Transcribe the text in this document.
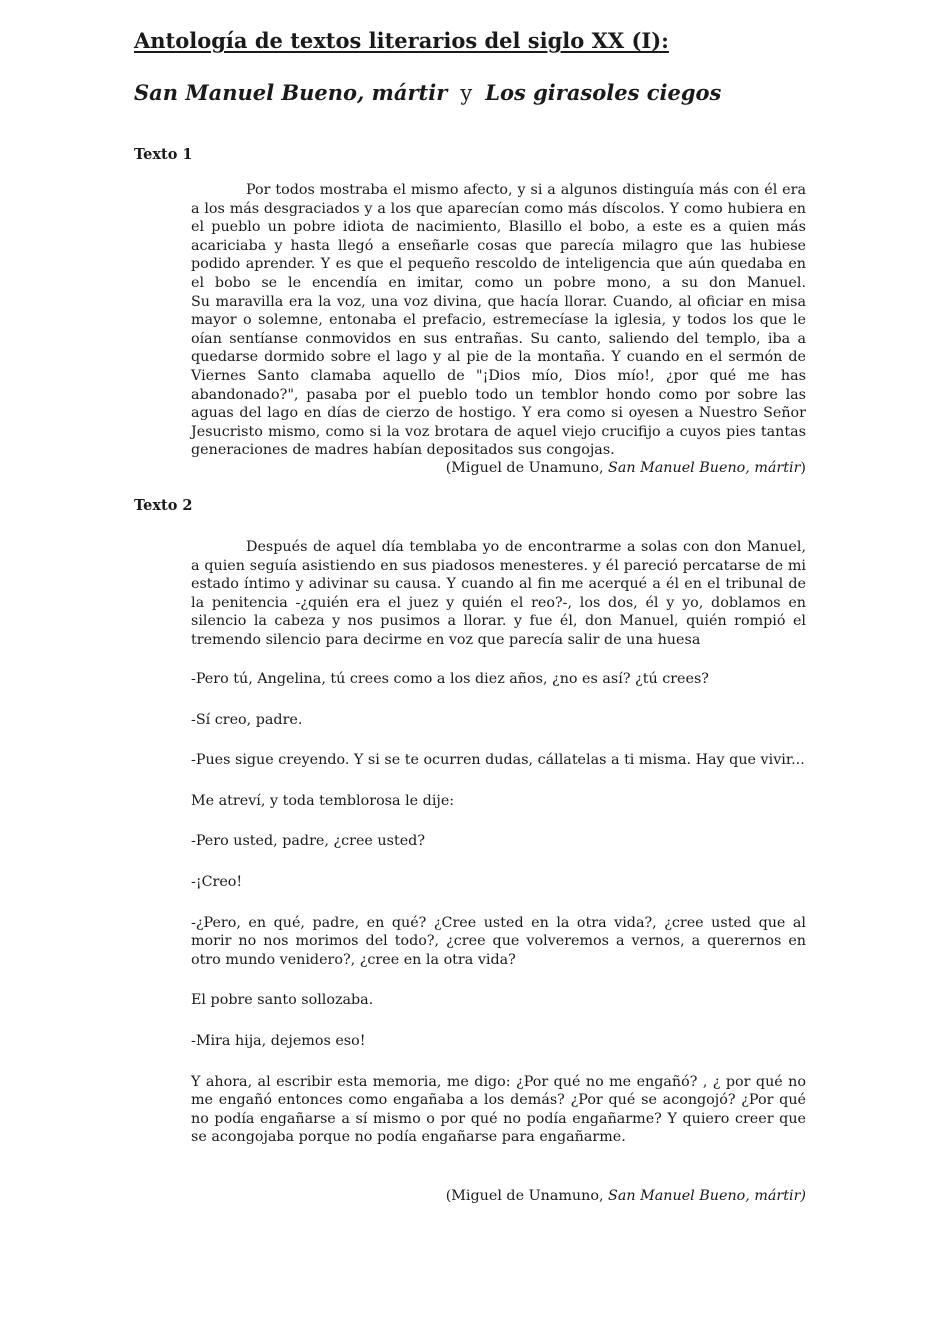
Antología de textos literarios del siglo XX (I):
San Manuel Bueno, mártir y Los girasoles ciegos
Texto 1

Por todos mostraba el mismo afecto, y si a algunos distinguía más con él era a los más desgraciados y a los que aparecían como más díscolos. Y como hubiera en el pueblo un pobre idiota de nacimiento, Blasillo el bobo, a este es a quien más acariciaba y hasta llegó a enseñarle cosas que parecía milagro que las hubiese podido aprender. Y es que el pequeño rescoldo de inteligencia que aún quedaba en el bobo se le encendía en imitar, como un pobre mono, a su don Manuel.

Su maravilla era la voz, una voz divina, que hacía llorar. Cuando, al oficiar en misa mayor o solemne, entonaba el prefacio, estremecíase la iglesia, y todos los que le oían sentíanse conmovidos en sus entrañas. Su canto, saliendo del templo, iba a quedarse dormido sobre el lago y al pie de la montaña. Y cuando en el sermón de Viernes Santo clamaba aquello de "¡Dios mío, Dios mío!, ¿por qué me has abandonado?", pasaba por el pueblo todo un temblor hondo como por sobre las aguas del lago en días de cierzo de hostigo. Y era como si oyesen a Nuestro Señor Jesucristo mismo, como si la voz brotara de aquel viejo crucifijo a cuyos pies tantas generaciones de madres habían depositados sus congojas.

(Miguel de Unamuno, San Manuel Bueno, mártir)
Texto 2

Después de aquel día temblaba yo de encontrarme a solas con don Manuel, a quien seguía asistiendo en sus piadosos menesteres. y él pareció percatarse de mi estado íntimo y adivinar su causa. Y cuando al fin me acerqué a él en el tribunal de la penitencia -¿quién era el juez y quién el reo?-, los dos, él y yo, doblamos en silencio la cabeza y nos pusimos a llorar. y fue él, don Manuel, quién rompió el tremendo silencio para decirme en voz que parecía salir de una huesa

-Pero tú, Angelina, tú crees como a los diez años, ¿no es así? ¿tú crees?

-Sí creo, padre.

-Pues sigue creyendo. Y si se te ocurren dudas, cállatelas a ti misma. Hay que vivir...

Me atreví, y toda temblorosa le dije:

-Pero usted, padre, ¿cree usted?

-¡Creo!

-¿Pero, en qué, padre, en qué? ¿Cree usted en la otra vida?, ¿cree usted que al morir no nos morimos del todo?, ¿cree que volveremos a vernos, a querernos en otro mundo venidero?, ¿cree en la otra vida?

El pobre santo sollozaba.

-Mira hija, dejemos eso!

Y ahora, al escribir esta memoria, me digo: ¿Por qué no me engañó? , ¿ por qué no me engañó entonces como engañaba a los demás? ¿Por qué se acongojó? ¿Por qué no podía engañarse a sí mismo o por qué no podía engañarme? Y quiero creer que se acongojaba porque no podía engañarse para engañarme.

(Miguel de Unamuno, San Manuel Bueno, mártir)
